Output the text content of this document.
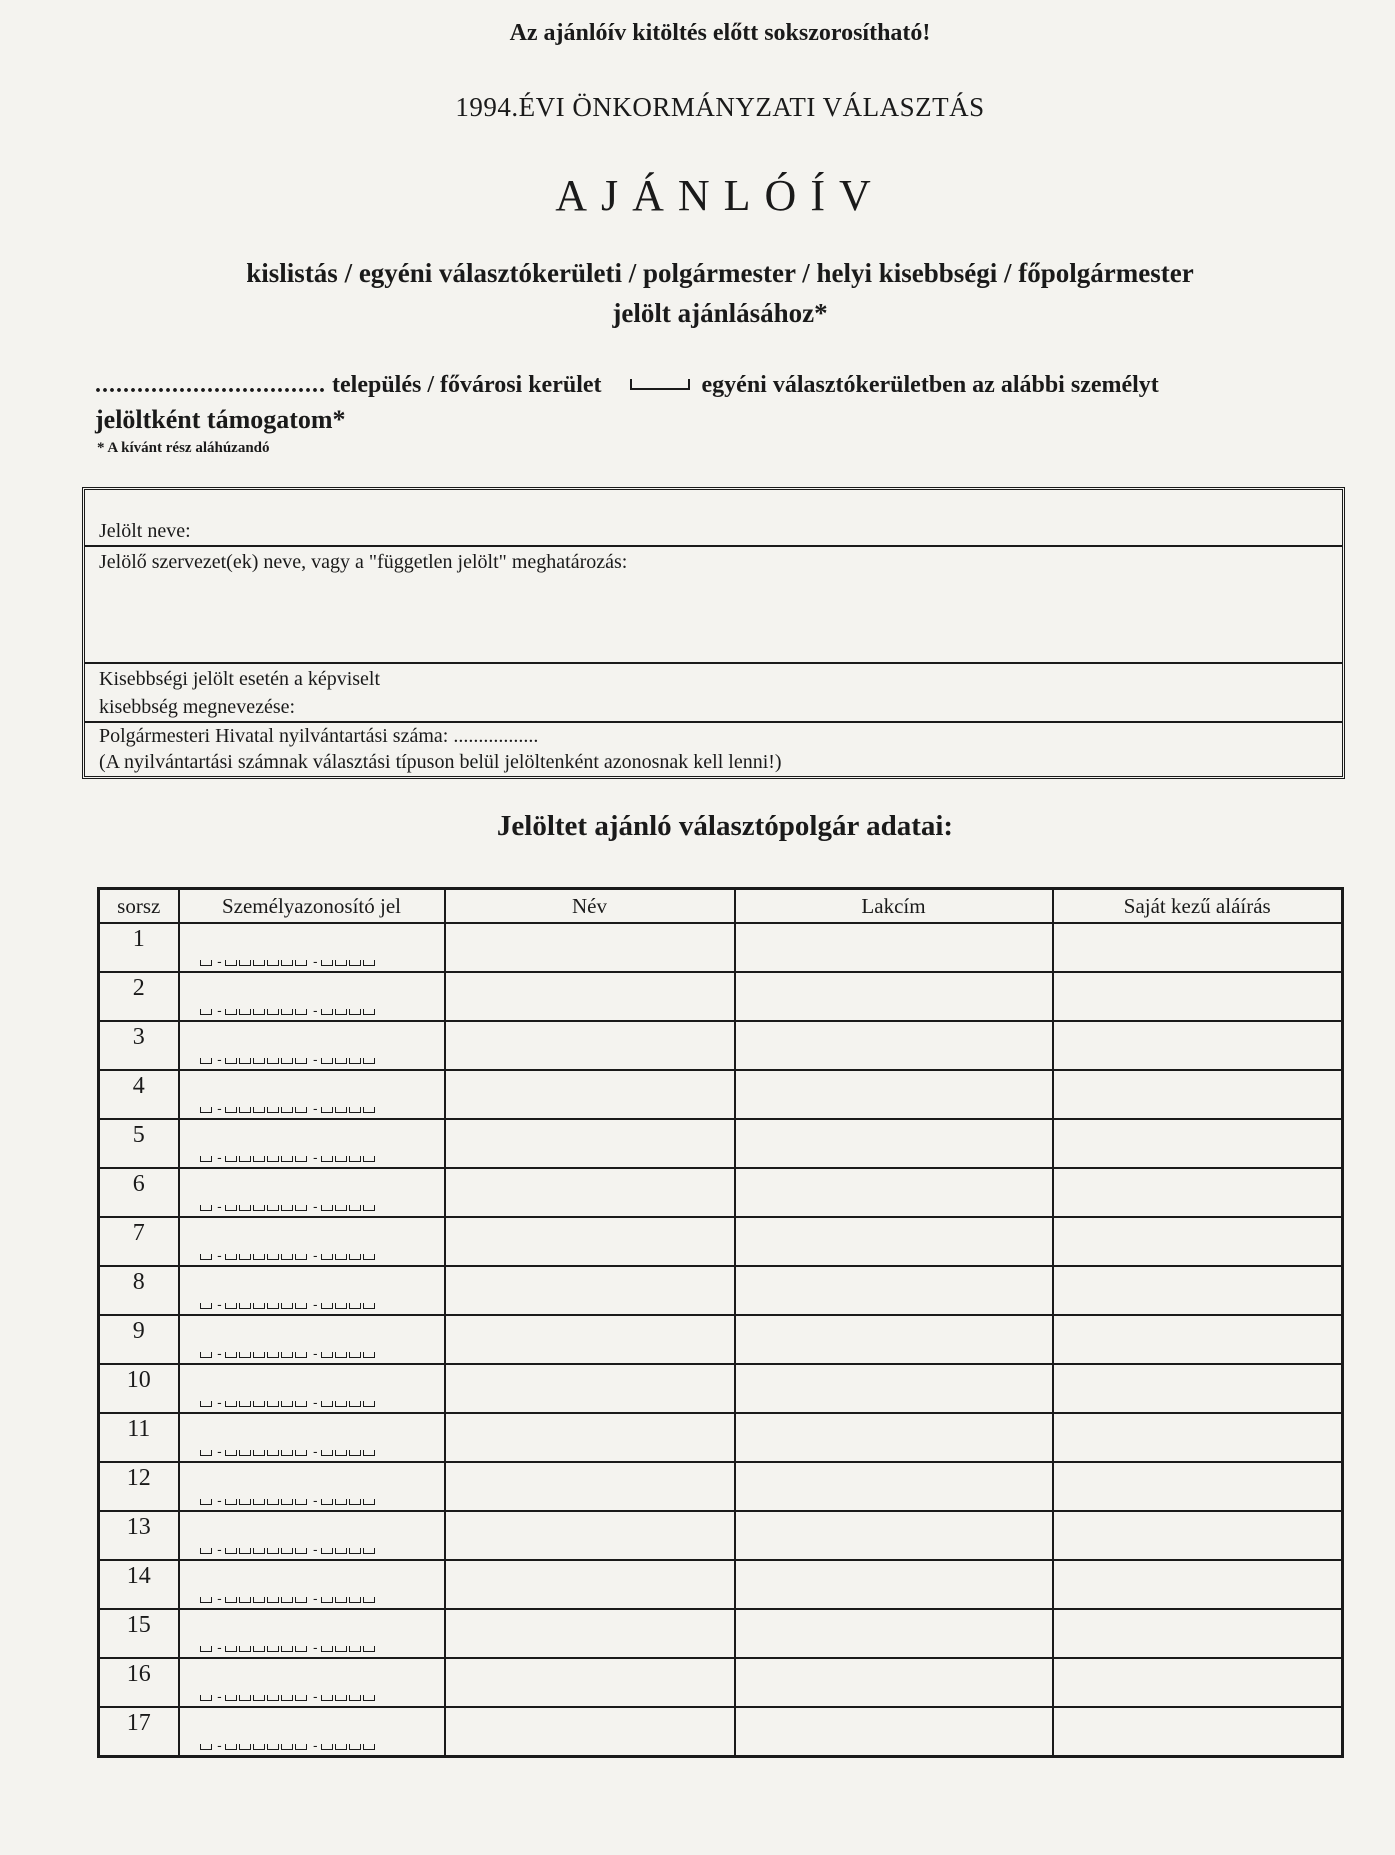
Az ajánlóív kitöltés előtt sokszorosítható!
1994.ÉVI ÖNKORMÁNYZATI VÁLASZTÁS
AJÁNLÓÍV
kislistás / egyéni választókerületi / polgármester / helyi kisebbségi / főpolgármester
jelölt ajánlásához*
................................. település / fővárosi kerület	egyéni választókerületben az alábbi személyt
jelöltként támogatom*
* A kívánt rész aláhúzandó
Jelölt neve:
Jelölő szervezet(ek) neve, vagy a "független jelölt" meghatározás:
Kisebbségi jelölt esetén a képviselt
kisebbség megnevezése:
Polgármesteri Hivatal nyilvántartási száma: .................
(A nyilvántartási számnak választási típuson belül jelöltenként azonosnak kell lenni!)
Jelöltet ajánló választópolgár adatai:
sorsz	Személyazonosító jel	Név	Lakcím	Saját kezű aláírás
1	- -			

2	- -			

3	- -			

4	- -			

5	- -			

6	- -			

7	- -			

8	- -			

9	- -			

10	- -			

11	- -			

12	- -			

13	- -			

14	- -			

15	- -			

16	- -			

17	- -			
